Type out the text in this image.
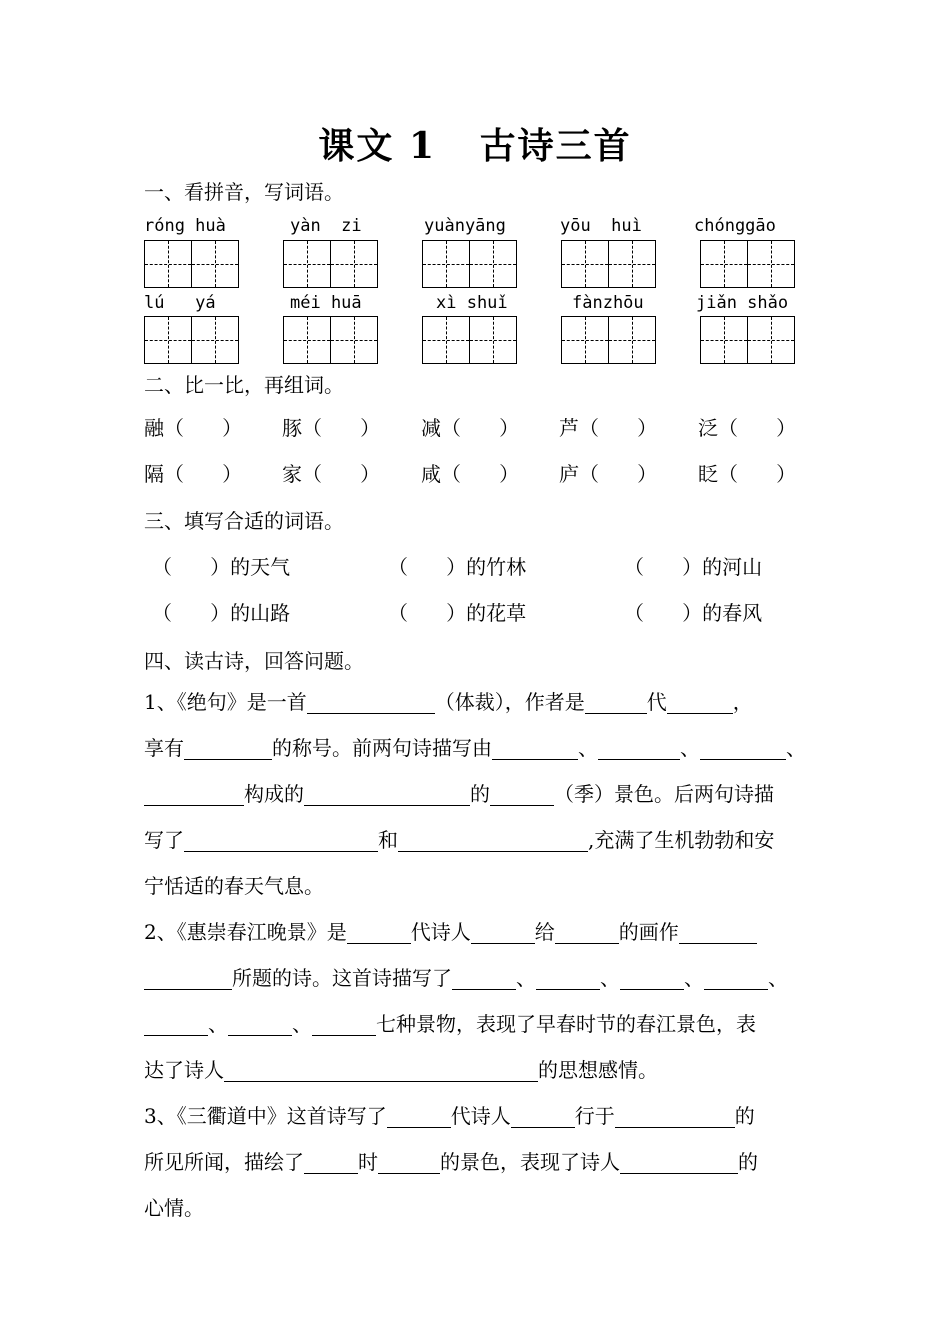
课文 1   古诗三首
一、看拼音，写词语。
róng huà	yàn  zi	yuànyāng	yōu  huì	chónggāo
lú   yá	méi huā	xì shuǐ	fànzhōu	jiǎn shǎo
二、比一比，再组词。
融（      ） 豚（      ） 减（      ） 芦（      ） 泛（      ）
隔（      ） 家（      ） 咸（      ） 庐（      ） 眨（      ）
三、填写合适的词语。
（      ）的天气	（      ）的竹林	（      ）的河山
（      ）的山路	（      ）的花草	（      ）的春风
四、读古诗，回答问题。
1、《绝句》是一首	（体裁），作者是	代	，
享有	的称号。前两句诗描写由	、	、	、
构成的	的	（季）景色。后两句诗描
写了	和	,充满了生机勃勃和安
宁恬适的春天气息。
2、《惠崇春江晚景》是	代诗人	给	的画作
所题的诗。这首诗描写了	、	、	、	、
、	、	七种景物，表现了早春时节的春江景色，表
达了诗人	的思想感情。
3、《三衢道中》这首诗写了	代诗人	行于	的
所见所闻，描绘了	时	的景色，表现了诗人	的
心情。
